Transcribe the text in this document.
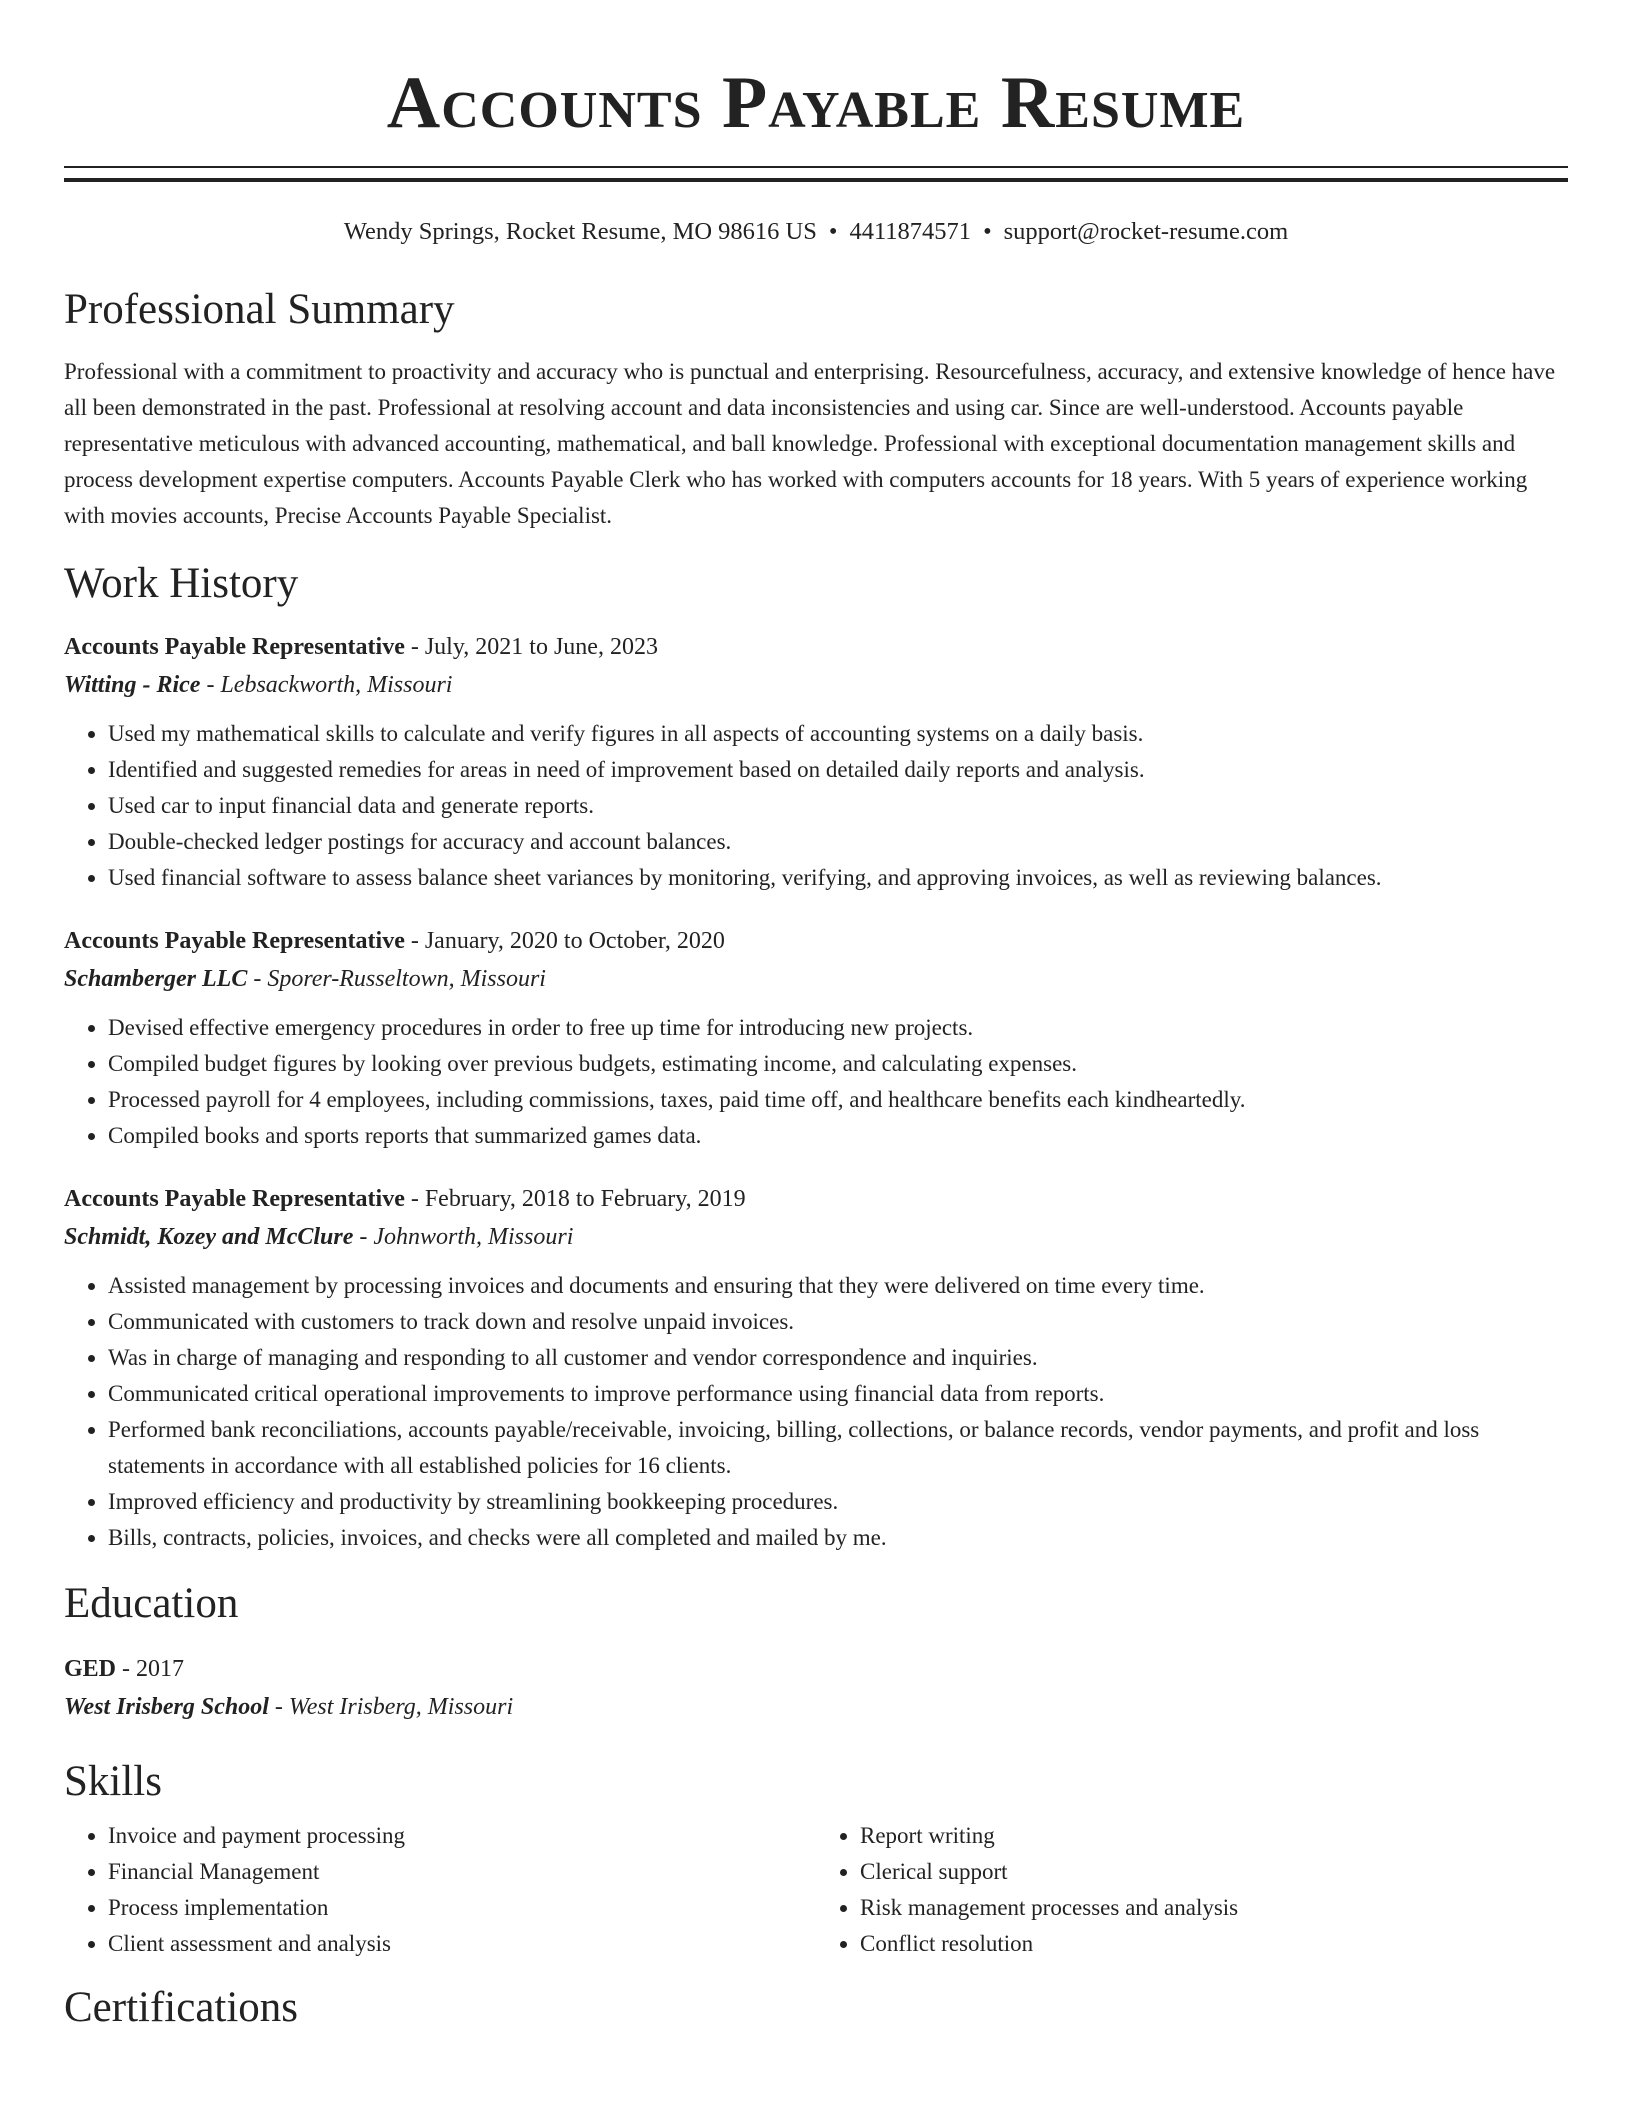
Accounts Payable Resume
Wendy Springs, Rocket Resume, MO 98616 US • 4411874571 • support@rocket-resume.com
Professional Summary

Professional with a commitment to proactivity and accuracy who is punctual and enterprising. Resourcefulness, accuracy, and extensive knowledge of hence have all been demonstrated in the past. Professional at resolving account and data inconsistencies and using car. Since are well-understood. Accounts payable representative meticulous with advanced accounting, mathematical, and ball knowledge. Professional with exceptional documentation management skills and process development expertise computers. Accounts Payable Clerk who has worked with computers accounts for 18 years. With 5 years of experience working with movies accounts, Precise Accounts Payable Specialist.

Work History
Accounts Payable Representative - July, 2021 to June, 2023
Witting - Rice - Lebsackworth, Missouri
• Used my mathematical skills to calculate and verify figures in all aspects of accounting systems on a daily basis.
• Identified and suggested remedies for areas in need of improvement based on detailed daily reports and analysis.
• Used car to input financial data and generate reports.
• Double-checked ledger postings for accuracy and account balances.
• Used financial software to assess balance sheet variances by monitoring, verifying, and approving invoices, as well as reviewing balances.
Accounts Payable Representative - January, 2020 to October, 2020
Schamberger LLC - Sporer-Russeltown, Missouri
• Devised effective emergency procedures in order to free up time for introducing new projects.
• Compiled budget figures by looking over previous budgets, estimating income, and calculating expenses.
• Processed payroll for 4 employees, including commissions, taxes, paid time off, and healthcare benefits each kindheartedly.
• Compiled books and sports reports that summarized games data.
Accounts Payable Representative - February, 2018 to February, 2019
Schmidt, Kozey and McClure - Johnworth, Missouri
• Assisted management by processing invoices and documents and ensuring that they were delivered on time every time.
• Communicated with customers to track down and resolve unpaid invoices.
• Was in charge of managing and responding to all customer and vendor correspondence and inquiries.
• Communicated critical operational improvements to improve performance using financial data from reports.
• Performed bank reconciliations, accounts payable/receivable, invoicing, billing, collections, or balance records, vendor payments, and profit and loss statements in accordance with all established policies for 16 clients.
• Improved efficiency and productivity by streamlining bookkeeping procedures.
• Bills, contracts, policies, invoices, and checks were all completed and mailed by me.
Education
GED - 2017
West Irisberg School - West Irisberg, Missouri
Skills
• Invoice and payment processing
• Financial Management
• Process implementation
• Client assessment and analysis
• Report writing
• Clerical support
• Risk management processes and analysis
• Conflict resolution
Certifications
